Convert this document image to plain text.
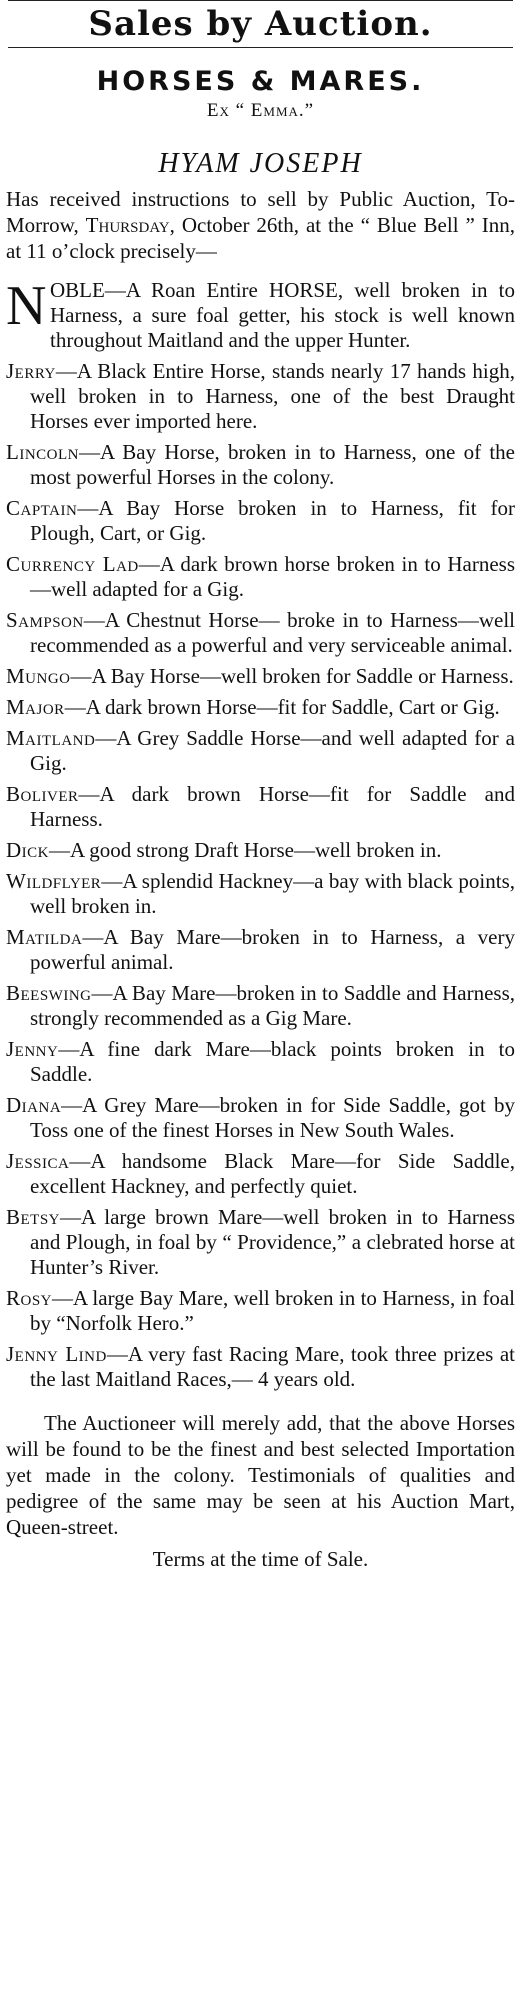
Sales by Auction.
HORSES & MARES.
Ex “ Emma.”
HYAM JOSEPH
Has received instructions to sell by Public Auction, To-Morrow, Thursday, October 26th, at the “ Blue Bell ” Inn, at 11 o’clock precisely—
N OBLE—A Roan Entire HORSE, well broken in to Harness, a sure foal getter, his stock is well known throughout Maitland and the upper Hunter.
Jerry—A Black Entire Horse, stands nearly 17 hands high, well broken in to Harness, one of the best Draught Horses ever imported here.
Lincoln—A Bay Horse, broken in to Harness, one of the most powerful Horses in the colony.
Captain—A Bay Horse broken in to Harness, fit for Plough, Cart, or Gig.
Currency Lad—A dark brown horse broken in to Harness—well adapted for a Gig.
Sampson—A Chestnut Horse— broke in to Harness—well recommended as a powerful and very serviceable animal.
Mungo—A Bay Horse—well broken for Saddle or Harness.
Major—A dark brown Horse—fit for Saddle, Cart or Gig.
Maitland—A Grey Saddle Horse—and well adapted for a Gig.
Boliver—A dark brown Horse—fit for Saddle and Harness.
Dick—A good strong Draft Horse—well broken in.
Wildflyer—A splendid Hackney—a bay with black points, well broken in.
Matilda—A Bay Mare—broken in to Harness, a very powerful animal.
Beeswing—A Bay Mare—broken in to Saddle and Harness, strongly recommended as a Gig Mare.
Jenny—A fine dark Mare—black points broken in to Saddle.
Diana—A Grey Mare—broken in for Side Saddle, got by Toss one of the finest Horses in New South Wales.
Jessica—A handsome Black Mare—for Side Saddle, excellent Hackney, and perfectly quiet.
Betsy—A large brown Mare—well broken in to Harness and Plough, in foal by “ Providence,” a clebrated horse at Hunter’s River.
Rosy—A large Bay Mare, well broken in to Harness, in foal by “Norfolk Hero.”
Jenny Lind—A very fast Racing Mare, took three prizes at the last Maitland Races,— 4 years old.
The Auctioneer will merely add, that the above Horses will be found to be the finest and best selected Importation yet made in the colony. Testimonials of qualities and pedigree of the same may be seen at his Auction Mart, Queen-street.
Terms at the time of Sale.
